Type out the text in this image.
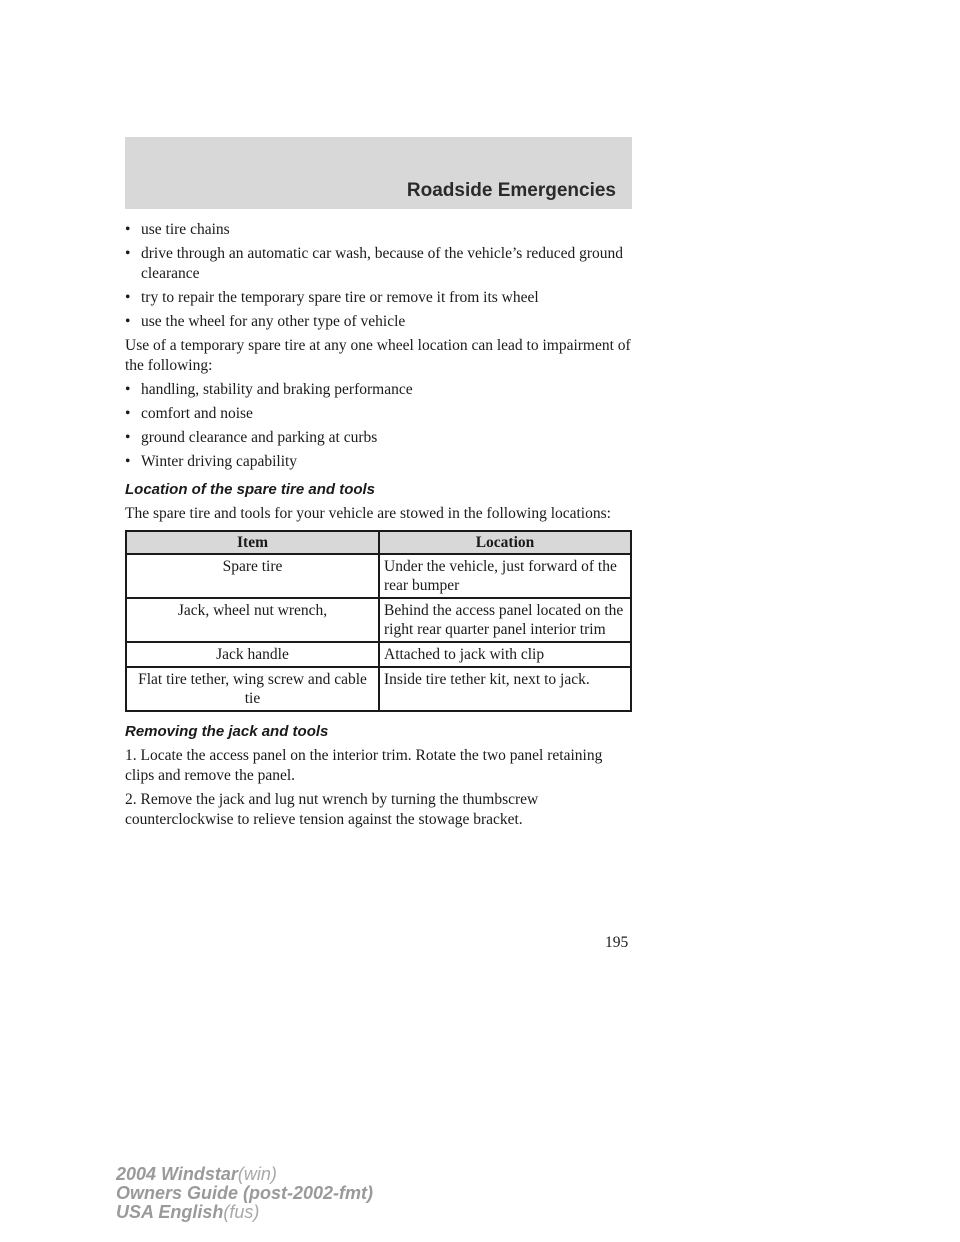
Roadside Emergencies
• use tire chains
• drive through an automatic car wash, because of the vehicle’s reduced ground clearance
• try to repair the temporary spare tire or remove it from its wheel
• use the wheel for any other type of vehicle

Use of a temporary spare tire at any one wheel location can lead to impairment of the following:

• handling, stability and braking performance
• comfort and noise
• ground clearance and parking at curbs
• Winter driving capability
Location of the spare tire and tools

The spare tire and tools for your vehicle are stowed in the following locations:

Item	Location
Spare tire	Under the vehicle, just forward of the rear bumper
Jack, wheel nut wrench,	Behind the access panel located on the right rear quarter panel interior trim
Jack handle	Attached to jack with clip
Flat tire tether, wing screw and cable tie	Inside tire tether kit, next to jack.
Removing the jack and tools

1. Locate the access panel on the interior trim. Rotate the two panel retaining clips and remove the panel.

2. Remove the jack and lug nut wrench by turning the thumbscrew counterclockwise to relieve tension against the stowage bracket.

195
2004 Windstar(win)
Owners Guide (post-2002-fmt)
USA English(fus)
